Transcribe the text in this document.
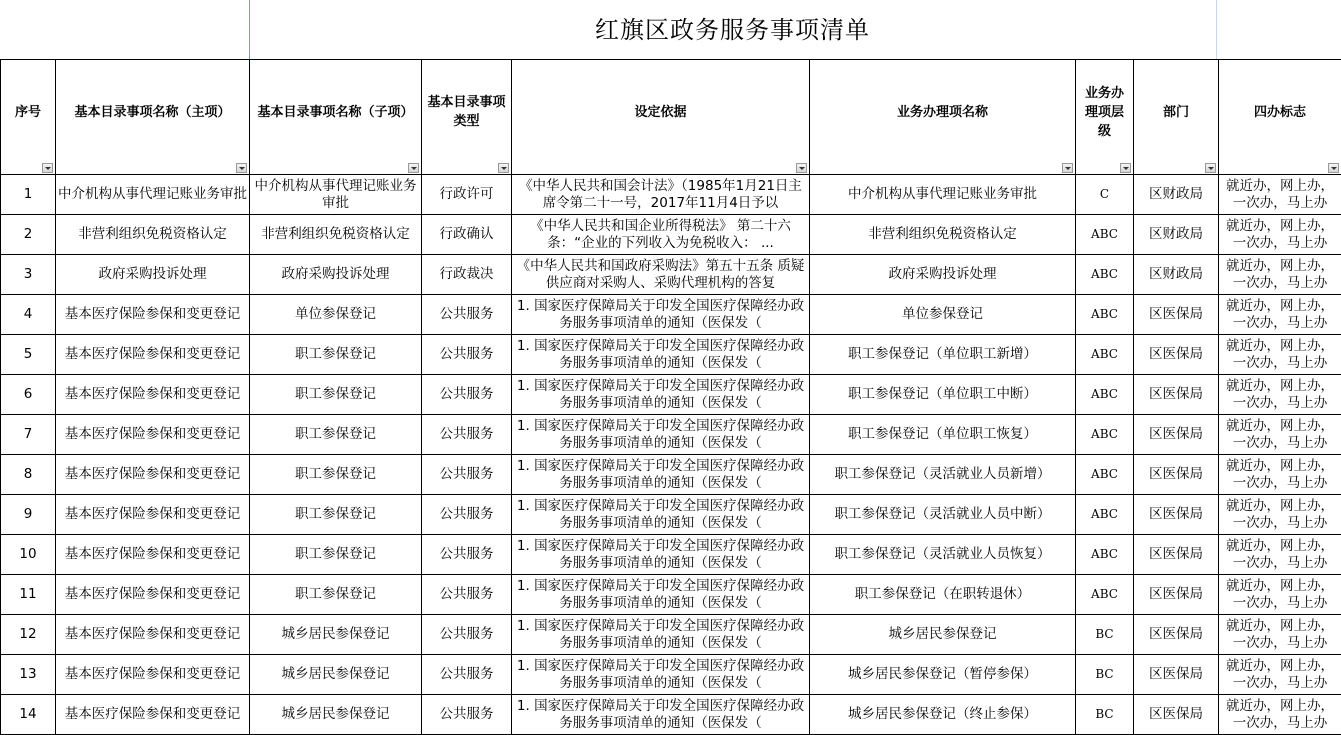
红旗区政务服务事项清单
序号	基本目录事项名称（主项）	基本目录事项名称（子项）	基本目录事项类型	设定依据	业务办理项名称	业务办理项层级	部门	四办标志

1	中介机构从事代理记账业务审批	中介机构从事代理记账业务审批	行政许可	《中华人民共和国会计法》（1985年1月21日主席令第二十一号，2017年11月4日予以	中介机构从事代理记账业务审批	C	区财政局	就近办，网上办，一次办，马上办

2	非营利组织免税资格认定	非营利组织免税资格认定	行政确认	《中华人民共和国企业所得税法》 第二十六条：“企业的下列收入为免税收入： ...	非营利组织免税资格认定	ABC	区财政局	就近办，网上办，一次办，马上办

3	政府采购投诉处理	政府采购投诉处理	行政裁决	《中华人民共和国政府采购法》第五十五条 质疑供应商对采购人、采购代理机构的答复	政府采购投诉处理	ABC	区财政局	就近办，网上办，一次办，马上办

4	基本医疗保险参保和变更登记	单位参保登记	公共服务	1. 国家医疗保障局关于印发全国医疗保障经办政务服务事项清单的通知（医保发（	单位参保登记	ABC	区医保局	就近办，网上办，一次办，马上办

5	基本医疗保险参保和变更登记	职工参保登记	公共服务	1. 国家医疗保障局关于印发全国医疗保障经办政务服务事项清单的通知（医保发（	职工参保登记（单位职工新增）	ABC	区医保局	就近办，网上办，一次办，马上办

6	基本医疗保险参保和变更登记	职工参保登记	公共服务	1. 国家医疗保障局关于印发全国医疗保障经办政务服务事项清单的通知（医保发（	职工参保登记（单位职工中断）	ABC	区医保局	就近办，网上办，一次办，马上办

7	基本医疗保险参保和变更登记	职工参保登记	公共服务	1. 国家医疗保障局关于印发全国医疗保障经办政务服务事项清单的通知（医保发（	职工参保登记（单位职工恢复）	ABC	区医保局	就近办，网上办，一次办，马上办

8	基本医疗保险参保和变更登记	职工参保登记	公共服务	1. 国家医疗保障局关于印发全国医疗保障经办政务服务事项清单的通知（医保发（	职工参保登记（灵活就业人员新增）	ABC	区医保局	就近办，网上办，一次办，马上办

9	基本医疗保险参保和变更登记	职工参保登记	公共服务	1. 国家医疗保障局关于印发全国医疗保障经办政务服务事项清单的通知（医保发（	职工参保登记（灵活就业人员中断）	ABC	区医保局	就近办，网上办，一次办，马上办

10	基本医疗保险参保和变更登记	职工参保登记	公共服务	1. 国家医疗保障局关于印发全国医疗保障经办政务服务事项清单的通知（医保发（	职工参保登记（灵活就业人员恢复）	ABC	区医保局	就近办，网上办，一次办，马上办

11	基本医疗保险参保和变更登记	职工参保登记	公共服务	1. 国家医疗保障局关于印发全国医疗保障经办政务服务事项清单的通知（医保发（	职工参保登记（在职转退休）	ABC	区医保局	就近办，网上办，一次办，马上办

12	基本医疗保险参保和变更登记	城乡居民参保登记	公共服务	1. 国家医疗保障局关于印发全国医疗保障经办政务服务事项清单的通知（医保发（	城乡居民参保登记	BC	区医保局	就近办，网上办，一次办，马上办

13	基本医疗保险参保和变更登记	城乡居民参保登记	公共服务	1. 国家医疗保障局关于印发全国医疗保障经办政务服务事项清单的通知（医保发（	城乡居民参保登记（暂停参保）	BC	区医保局	就近办，网上办，一次办，马上办

14	基本医疗保险参保和变更登记	城乡居民参保登记	公共服务	1. 国家医疗保障局关于印发全国医疗保障经办政务服务事项清单的通知（医保发（	城乡居民参保登记（终止参保）	BC	区医保局	就近办，网上办，一次办，马上办
